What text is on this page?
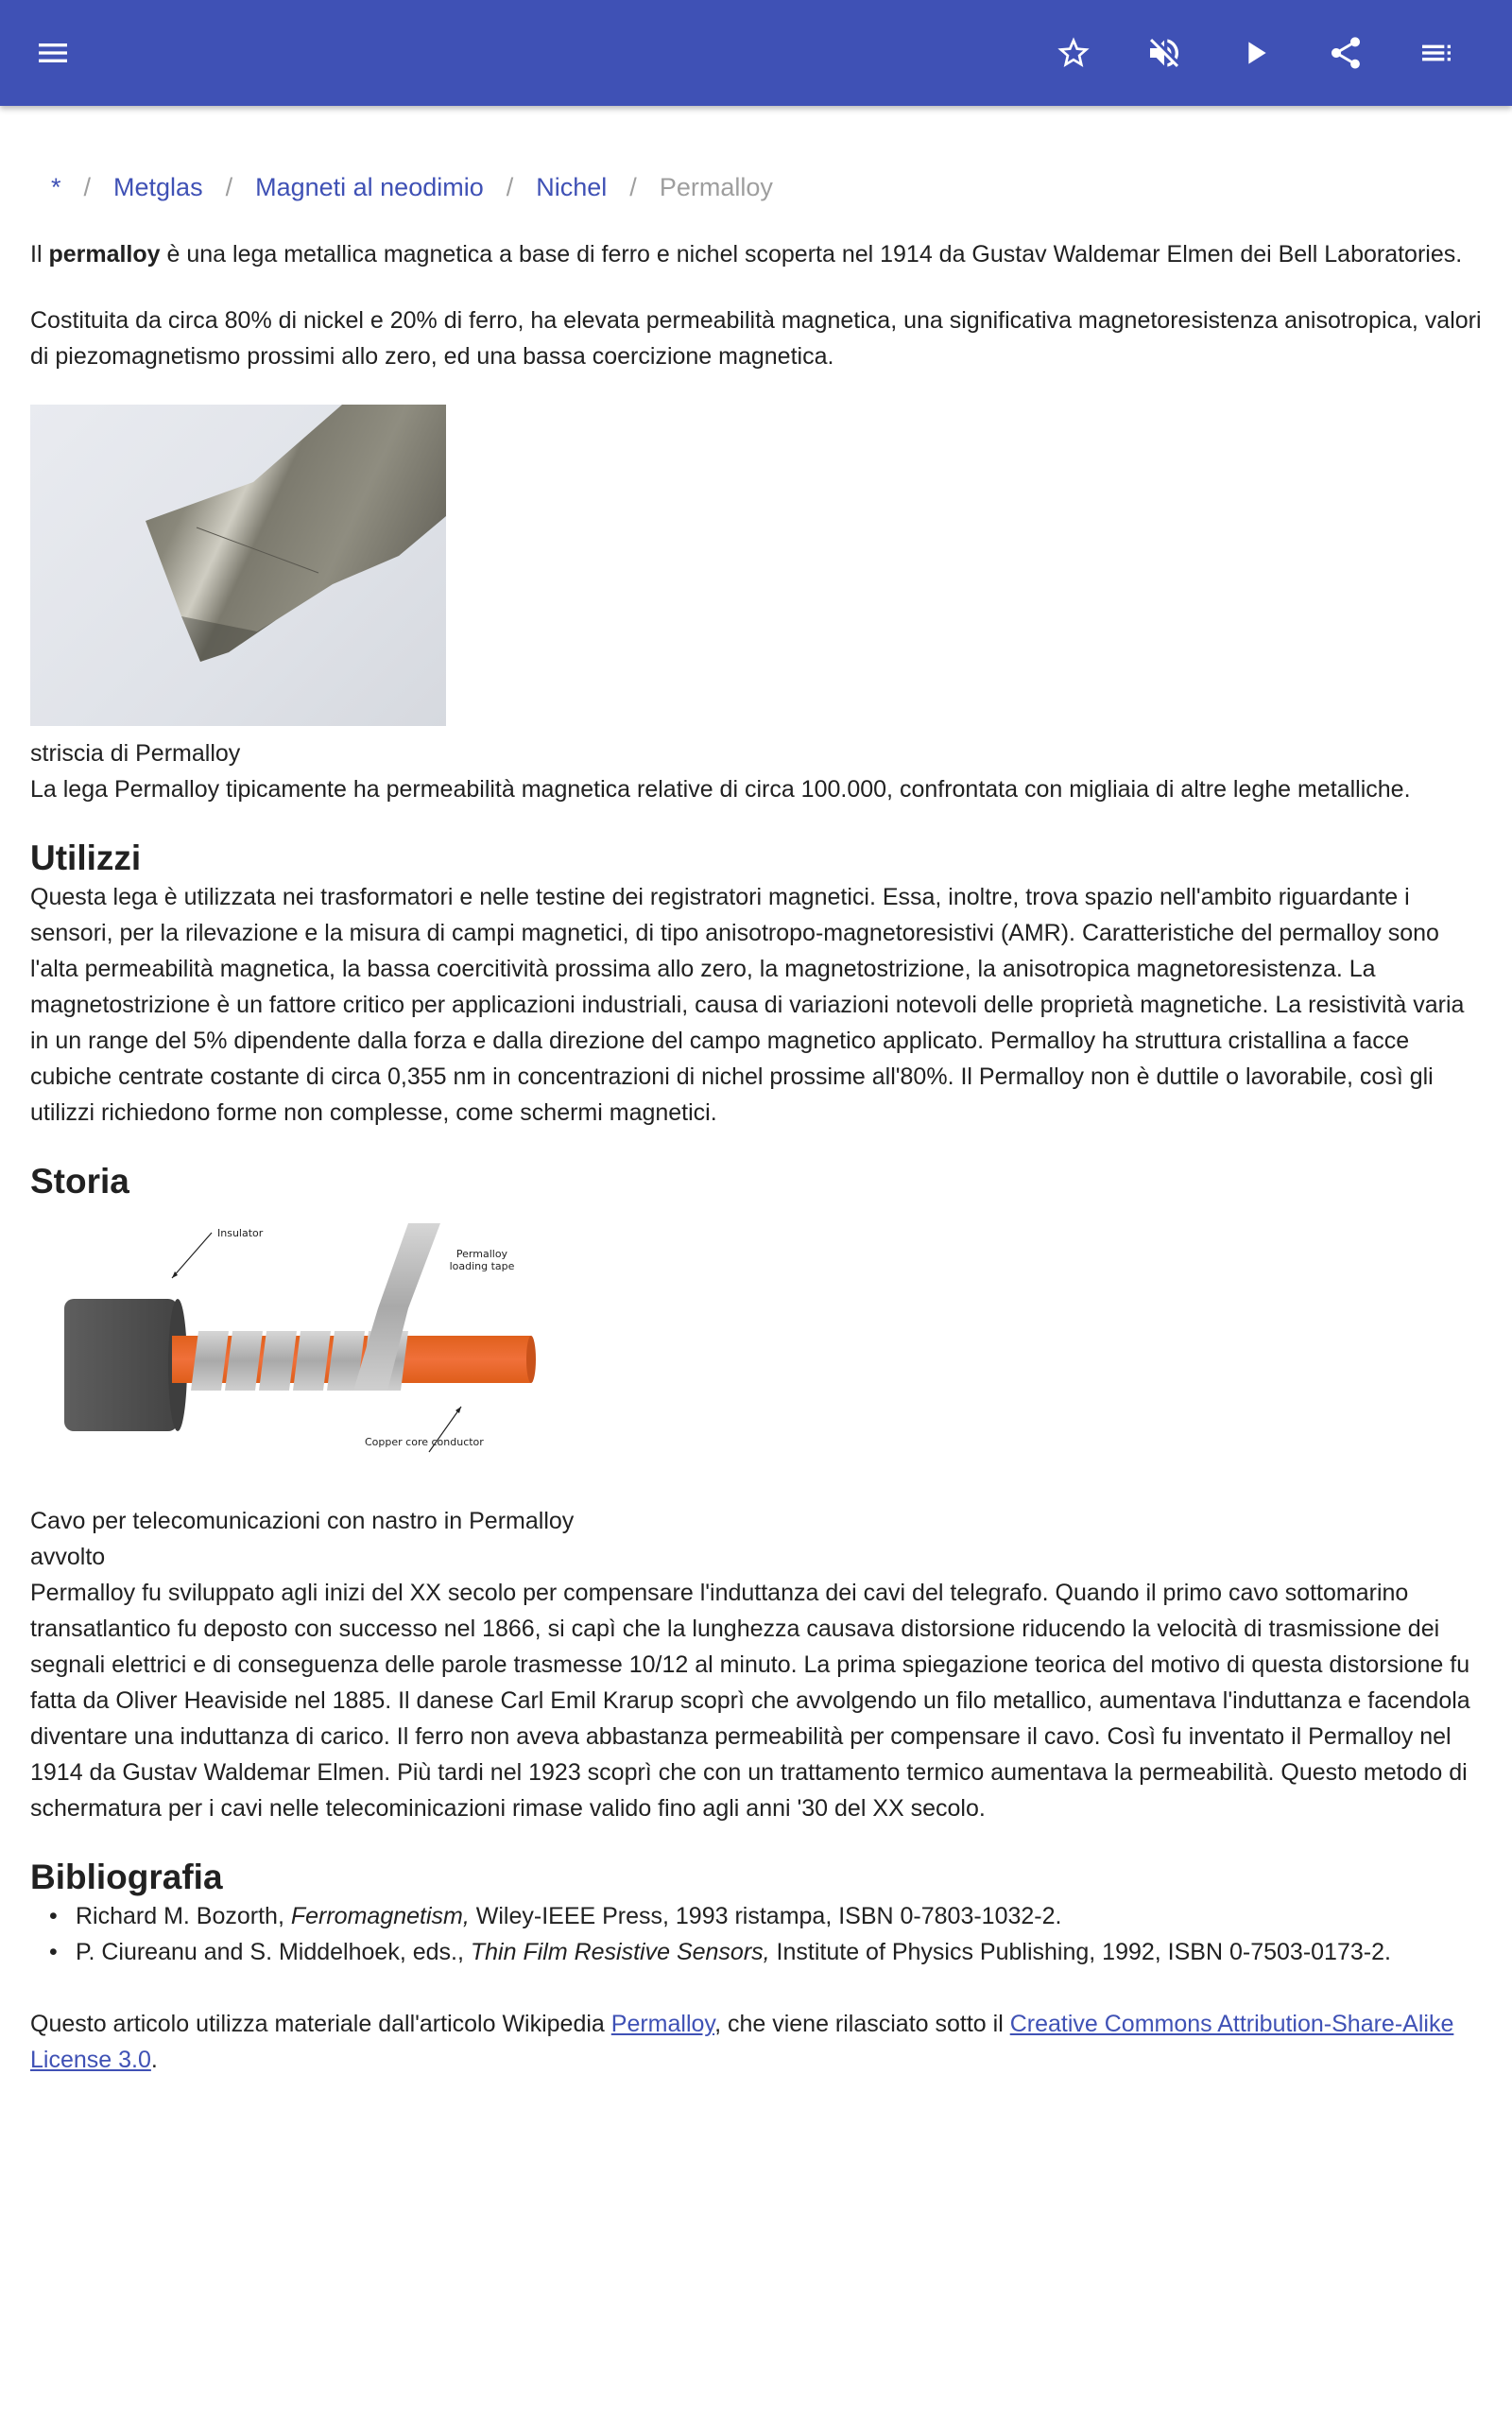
* / Metglas / Magneti al neodimio / Nichel / Permalloy

Il permalloy è una lega metallica magnetica a base di ferro e nichel scoperta nel 1914 da Gustav Waldemar Elmen dei Bell Laboratories.

Costituita da circa 80% di nickel e 20% di ferro, ha elevata permeabilità magnetica, una significativa magnetoresistenza anisotropica, valori di piezomagnetismo prossimi allo zero, ed una bassa coercizione magnetica.

striscia di Permalloy

La lega Permalloy tipicamente ha permeabilità magnetica relative di circa 100.000, confrontata con migliaia di altre leghe metalliche.

Utilizzi

Questa lega è utilizzata nei trasformatori e nelle testine dei registratori magnetici. Essa, inoltre, trova spazio nell'ambito riguardante i sensori, per la rilevazione e la misura di campi magnetici, di tipo anisotropo-magnetoresistivi (AMR). Caratteristiche del permalloy sono l'alta permeabilità magnetica, la bassa coercitività prossima allo zero, la magnetostrizione, la anisotropica magnetoresistenza. La magnetostrizione è un fattore critico per applicazioni industriali, causa di variazioni notevoli delle proprietà magnetiche. La resistività varia in un range del 5% dipendente dalla forza e dalla direzione del campo magnetico applicato. Permalloy ha struttura cristallina a facce cubiche centrate costante di circa 0,355 nm in concentrazioni di nichel prossime all'80%. Il Permalloy non è duttile o lavorabile, così gli utilizzi richiedono forme non complesse, come schermi magnetici.

Storia
Insulator
Permalloy
loading tape
Copper core conductor
Cavo per telecomunicazioni con nastro in Permalloy
avvolto

Permalloy fu sviluppato agli inizi del XX secolo per compensare l'induttanza dei cavi del telegrafo. Quando il primo cavo sottomarino transatlantico fu deposto con successo nel 1866, si capì che la lunghezza causava distorsione riducendo la velocità di trasmissione dei segnali elettrici e di conseguenza delle parole trasmesse 10/12 al minuto. La prima spiegazione teorica del motivo di questa distorsione fu fatta da Oliver Heaviside nel 1885. Il danese Carl Emil Krarup scoprì che avvolgendo un filo metallico, aumentava l'induttanza e facendola diventare una induttanza di carico. Il ferro non aveva abbastanza permeabilità per compensare il cavo. Così fu inventato il Permalloy nel 1914 da Gustav Waldemar Elmen. Più tardi nel 1923 scoprì che con un trattamento termico aumentava la permeabilità. Questo metodo di schermatura per i cavi nelle telecominicazioni rimase valido fino agli anni '30 del XX secolo.

Bibliografia
• Richard M. Bozorth, Ferromagnetism, Wiley-IEEE Press, 1993 ristampa, ISBN 0-7803-1032-2.
• P. Ciureanu and S. Middelhoek, eds., Thin Film Resistive Sensors, Institute of Physics Publishing, 1992, ISBN 0-7503-0173-2.

Questo articolo utilizza materiale dall'articolo Wikipedia Permalloy, che viene rilasciato sotto il Creative Commons Attribution-Share-Alike License 3.0.
